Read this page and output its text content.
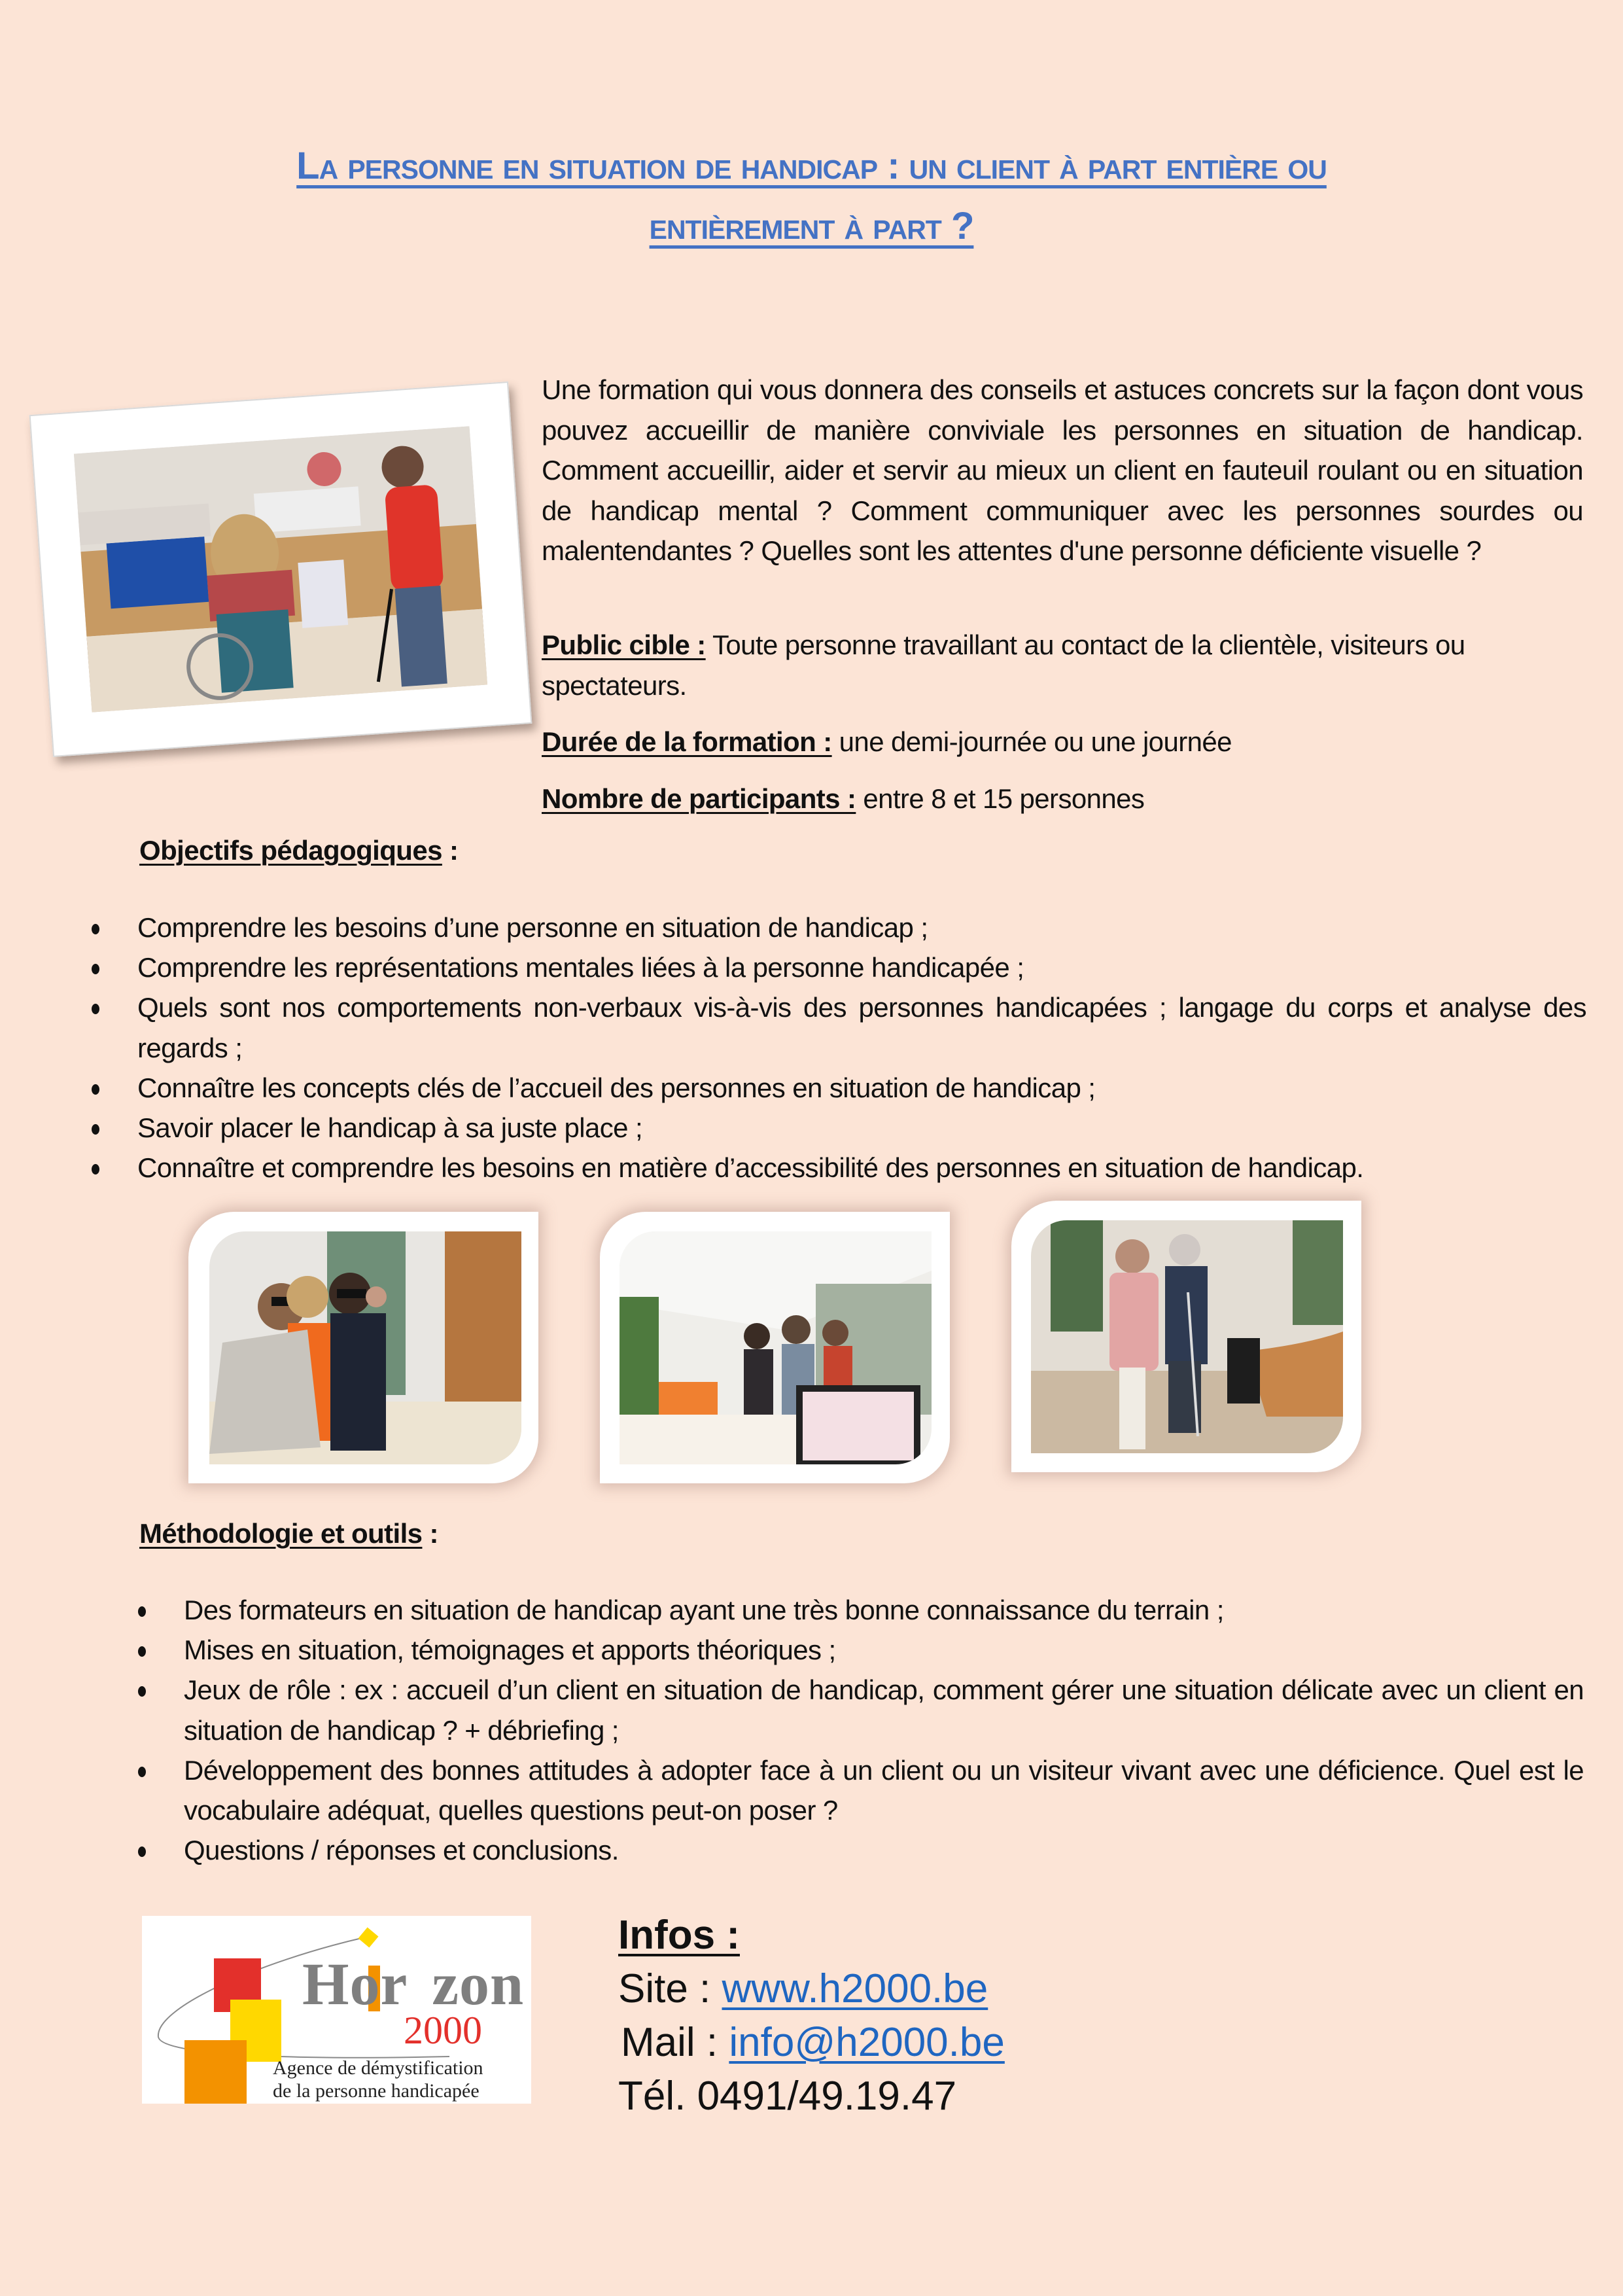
La personne en situation de handicap : un client à part entière ou
entièrement à part ?
Une formation qui vous donnera des conseils et astuces concrets sur la façon dont vous pouvez accueillir de manière conviviale les personnes en situation de handicap. Comment accueillir, aider et servir au mieux un client en fauteuil roulant ou en situation de handicap mental ? Comment communiquer avec les personnes sourdes ou malentendantes ? Quelles sont les attentes d'une personne déficiente visuelle ?
Public cible : Toute personne travaillant au contact de la clientèle, visiteurs ou spectateurs.
Durée de la formation : une demi-journée ou une journée
Nombre de participants : entre 8 et 15 personnes
Objectifs pédagogiques :
Comprendre les besoins d’une personne en situation de handicap ;
Comprendre les représentations mentales liées à la personne handicapée ;
Quels sont nos comportements non-verbaux vis-à-vis des personnes handicapées ; langage du corps et analyse des regards ;
Connaître les concepts clés de l’accueil des personnes en situation de handicap ;
Savoir placer le handicap à sa juste place ;
Connaître et comprendre les besoins en matière d’accessibilité des personnes en situation de handicap.
Méthodologie et outils :
Des formateurs en situation de handicap ayant une très bonne connaissance du terrain ;
Mises en situation, témoignages et apports théoriques ;
Jeux de rôle : ex : accueil d’un client en situation de handicap, comment gérer une situation délicate avec un client en situation de handicap ? + débriefing ;
Développement des bonnes attitudes à adopter face à un client ou un visiteur vivant avec une déficience. Quel est le vocabulaire adéquat, quelles questions peut-on poser ?
Questions / réponses et conclusions.
Hor zon
2000
Agence de démystification
de la personne handicapée
Infos :
Site : www.h2000.be
Mail : info@h2000.be
Tél. 0491/49.19.47
